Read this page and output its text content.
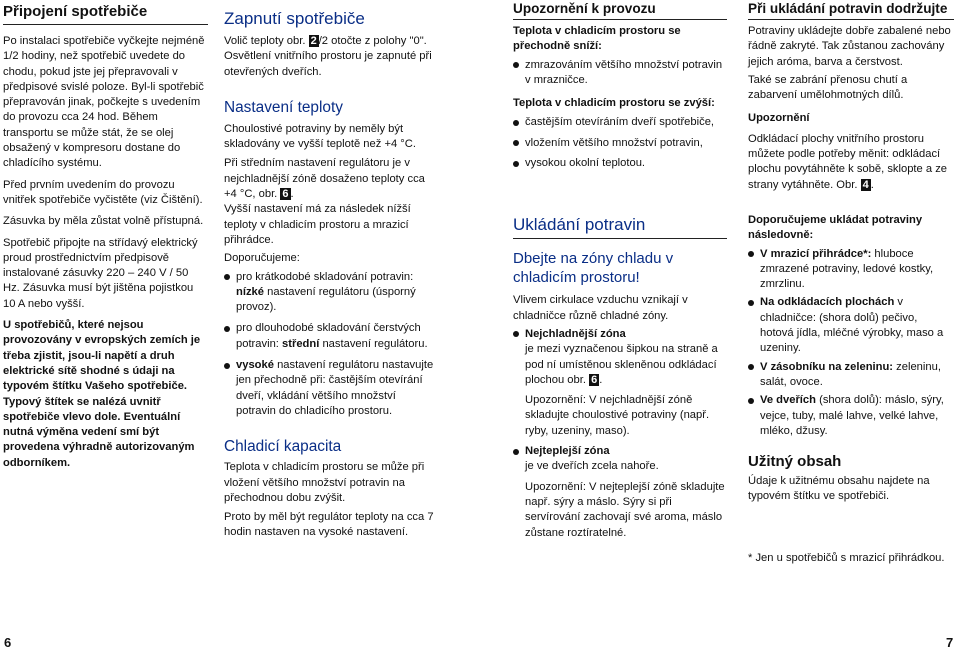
Připojení spotřebiče

Po instalaci spotřebiče vyčkejte nejméně 1/2 hodiny, než spotřebič uvedete do chodu, pokud jste jej přepravovali v předpisové svislé poloze. Byl-li spotřebič přepravován jinak, počkejte s uvedením do provozu cca 24 hod. Během transportu se může stát, že se olej obsažený v kompresoru dostane do chladícího systému.

Před prvním uvedením do provozu vnitřek spotřebiče vyčistěte (viz Čištění).

Zásuvka by měla zůstat volně přístupná.

Spotřebič připojte na střídavý elektrický proud prostřednictvím předpisově instalované zásuvky 220 – 240 V / 50 Hz. Zásuvka musí být jištěna pojistkou 10 A nebo vyšší.

U spotřebičů, které nejsou provozovány v evropských zemích je třeba zjistit, jsou-li napětí a druh elektrické sítě shodné s údaji na typovém štítku Vašeho spotřebiče. Typový štítek se nalézá uvnitř spotřebiče vlevo dole. Eventuální nutná výměna vedení smí být provedena výhradně autorizovaným odborníkem.

Zapnutí spotřebiče

Volič teploty obr. 2 /2 otočte z polohy "0". Osvětlení vnitřního prostoru je zapnuté při otevřených dveřích.

Nastavení teploty

Choulostivé potraviny by neměly být skladovány ve vyšší teplotě než +4 °C.

Při středním nastavení regulátoru je v nejchladnější zóně dosaženo teploty cca +4 °C, obr. 6 .

Vyšší nastavení má za následek nížší teploty v chladicím prostoru a mrazicí přihrádce.

Doporučujeme:

pro krátkodobé skladování potravin: nízké nastavení regulátoru (úsporný provoz).
pro dlouhodobé skladování čerstvých potravin: střední nastavení regulátoru.
vysoké nastavení regulátoru nastavujte jen přechodně při: častějším otevírání dveří, vkládání většího množství potravin do chladicího prostoru.
Chladicí kapacita

Teplota v chladicím prostoru se může při vložení většího množství potravin na přechodnou dobu zvýšit.

Proto by měl být regulátor teploty na cca 7 hodin nastaven na vysoké nastavení.

Upozornění k provozu

Teplota v chladicím prostoru se přechodně sníží:

zmrazováním většího množství potravin v mrazničce.

Teplota v chladicím prostoru se zvýší:

častějším otevíráním dveří spotřebiče,
vložením většího množství potravin,
vysokou okolní teplotou.
Ukládání potravin
Dbejte na zóny chladu v chladicím prostoru!

Vlivem cirkulace vzduchu vznikají v chladničce různě chladné zóny.

Nejchladnější zóna
je mezi vyznačenou šipkou na straně a pod ní umístěnou skleněnou odkládací plochou obr. 6 .
Upozornění: V nejchladnější zóně skladujte choulostivé potraviny (např. ryby, uzeniny, maso).
Nejteplejší zóna
je ve dveřích zcela nahoře.
Upozornění: V nejteplejší zóně skladujte např. sýry a máslo. Sýry si při servírování zachovají své aroma, máslo zůstane roztíratelné.
Při ukládání potravin dodržujte

Potraviny ukládejte dobře zabalené nebo řádně zakryté. Tak zůstanou zachovány jejich aróma, barva a čerstvost.

Také se zabrání přenosu chutí a zabarvení umělohmotných dílů.

Upozornění

Odkládací plochy vnitřního prostoru můžete podle potřeby měnit: odkládací plochu povytáhněte k sobě, sklopte a ze strany vytáhněte. Obr. 4 .

Doporučujeme ukládat potraviny následovně:

V mrazicí přihrádce*: hluboce zmrazené potraviny, ledové kostky, zmrzlinu.
Na odkládacích plochách v chladničce: (shora dolů) pečivo, hotová jídla, mléčné výrobky, maso a uzeniny.
V zásobníku na zeleninu: zeleninu, salát, ovoce.
Ve dveřích (shora dolů): máslo, sýry, vejce, tuby, malé lahve, velké lahve, mléko, džusy.
Užitný obsah

Údaje k užitnému obsahu najdete na typovém štítku ve spotřebiči.

* Jen u spotřebičů s mrazicí přihrádkou.

6	7
